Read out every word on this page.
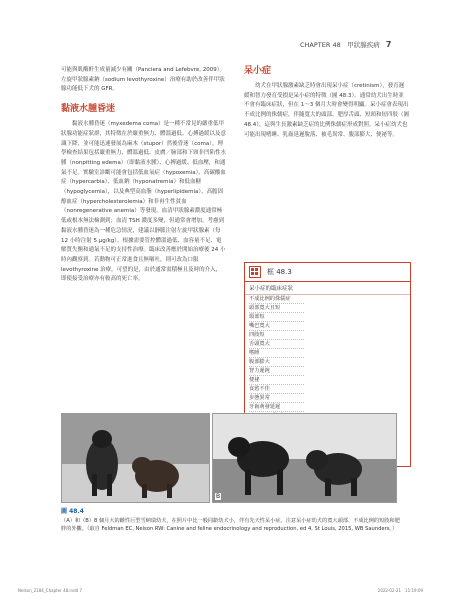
CHAPTER 48　甲狀腺疾病 7

可能與肌酶酐生成量減少有關（Panciera and Lefebvre, 2009）。左旋甲狀腺素鈉（sodium levothyroxine）治療有助於改善伴甲狀腺功能低下犬的 GFR。

黏液水腫昏迷

黏液水腫昏迷（myxedema coma）是一種不常見的嚴重低甲狀腺功能症狀群，其特徵在於嚴重無力、體溫過低、心搏過緩以及意識下降，並可能迅速發展為麻木（stupor）然後昏迷（coma）。理學檢查結果包括嚴重無力、體溫過低、皮膚／臉部和下頸非凹陷性水腫（nonpitting edema）（即黏液水腫）、心搏過緩、低血壓，和通氣不足。實驗室診斷可能會包括低血氧症（hypoxemia）、高碳酸血症（hypercarbia）、低血鈉（hyponatremia）和低血糖（hypoglycemia），以及典型高血脂（hyperlipidemia）、高膽固醇血症（hypercholesterolemia）和非再生性貧血（nonregenerative anemia）等發現。血清甲狀腺素濃度通常極低或根本無法檢測到；血清 TSH 濃度多變，但通常會增加。考慮到黏液水腫昏迷為一種危急情況，建議以靜脈注射左旋甲狀腺素（每 12 小時注射 5 μg/kg）。根據需要管控體溫過低、血容量不足、電解質失衡和通氣不足的支持性治療。臨床改善應於開始治療後 24 小時內觀察到。若動物可正常進食且無嘔吐，則可改為口服 levothyroxine 治療。可望的是，由於通常需積極且及時的介入，即使接受治療亦有較高的死亡率。

呆小症

幼犬在甲狀腺激素缺乏時會出現呆小症（cretinism），發育遲緩和智力發育受損是呆小症的特徵（圖 48.3）。通常幼犬出生時並不會有臨床症狀，但在 1～3 個月大時會變得明顯。呆小症會表現出不成比例的侏儒症，伴隨寬大的頭部、肥厚舌頭、短頸和短四肢（圖 48.4），這與生長激素缺乏症的比例侏儒症形成對照。呆小症幼犬也可能出現嗜睡、乳齒延遲脫落、被毛異常、腹部膨大、便祕等。

框 48.3
呆小症的臨床症狀
不成比例的侏儒症
頭部寬大且短
頸部短
嘴巴寬大
四肢短
舌頭寬大
嗜睡
腹部膨大
智力遲鈍
便祕
食慾不佳
步態異常
牙齒萌發延遲
B
圖 48.4
（A）和（B）8 個月大的雌性巨型雪納瑞幼犬，在照片中比一般同齡幼犬小，伴有先天性呆小症。注意呆小症幼犬的寬大頭部、不成比例的短肢和肥胖的外觀。（取自 Feldman EC, Nelson RW: Canine and feline endocrinology and reproduction, ed 4, St Louis, 2015, WB Saunders。）
Nelson_2184_Chapter 48.indd 7	2022-02-21　11:19:09
